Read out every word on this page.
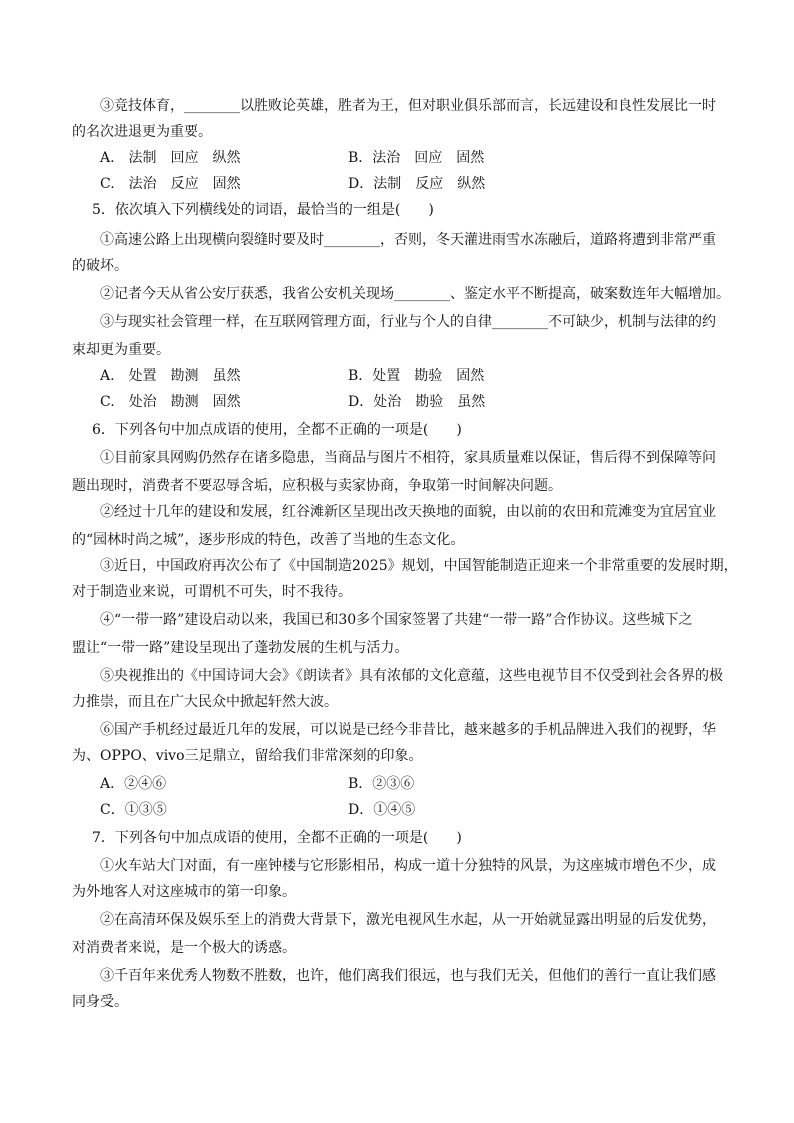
③竞技体育，________以胜败论英雄，胜者为王，但对职业俱乐部而言，长远建设和良性发展比一时
的名次进退更为重要。
A.　法制　回应　纵然	B．法治　回应　固然
C.　法治　反应　固然	D．法制　反应　纵然
5．依次填入下列横线处的词语，最恰当的一组是(　　)
①高速公路上出现横向裂缝时要及时________，否则，冬天灌进雨雪水冻融后，道路将遭到非常严重
的破坏。
②记者今天从省公安厅获悉，我省公安机关现场________、鉴定水平不断提高，破案数连年大幅增加。
③与现实社会管理一样，在互联网管理方面，行业与个人的自律________不可缺少，机制与法律的约
束却更为重要。
A.　处置　勘测　虽然	B．处置　勘验　固然
C.　处治　勘测　固然	D．处治　勘验　虽然
6．下列各句中加点成语的使用，全都不正确的一项是(　　)
①目前家具网购仍然存在诸多隐患，当商品与图片不相符，家具质量难以保证，售后得不到保障等问
题出现时，消费者不要忍辱含垢，应积极与卖家协商，争取第一时间解决问题。
②经过十几年的建设和发展，红谷滩新区呈现出改天换地的面貌，由以前的农田和荒滩变为宜居宜业
的“园林时尚之城”，逐步形成的特色，改善了当地的生态文化。
③近日，中国政府再次公布了《中国制造2025》规划，中国智能制造正迎来一个非常重要的发展时期，
对于制造业来说，可谓机不可失，时不我待。
④“一带一路”建设启动以来，我国已和30多个国家签署了共建“一带一路”合作协议。这些城下之
盟让“一带一路”建设呈现出了蓬勃发展的生机与活力。
⑤央视推出的《中国诗词大会》《朗读者》具有浓郁的文化意蕴，这些电视节目不仅受到社会各界的极
力推崇，而且在广大民众中掀起轩然大波。
⑥国产手机经过最近几年的发展，可以说是已经今非昔比，越来越多的手机品牌进入我们的视野，华
为、OPPO、vivo三足鼎立，留给我们非常深刻的印象。
A．②④⑥	B．②③⑥
C．①③⑤	D．①④⑤
7．下列各句中加点成语的使用，全都不正确的一项是(　　)
①火车站大门对面，有一座钟楼与它形影相吊，构成一道十分独特的风景，为这座城市增色不少，成
为外地客人对这座城市的第一印象。
②在高清环保及娱乐至上的消费大背景下，激光电视风生水起，从一开始就显露出明显的后发优势，
对消费者来说，是一个极大的诱惑。
③千百年来优秀人物数不胜数，也许，他们离我们很远，也与我们无关，但他们的善行一直让我们感
同身受。
